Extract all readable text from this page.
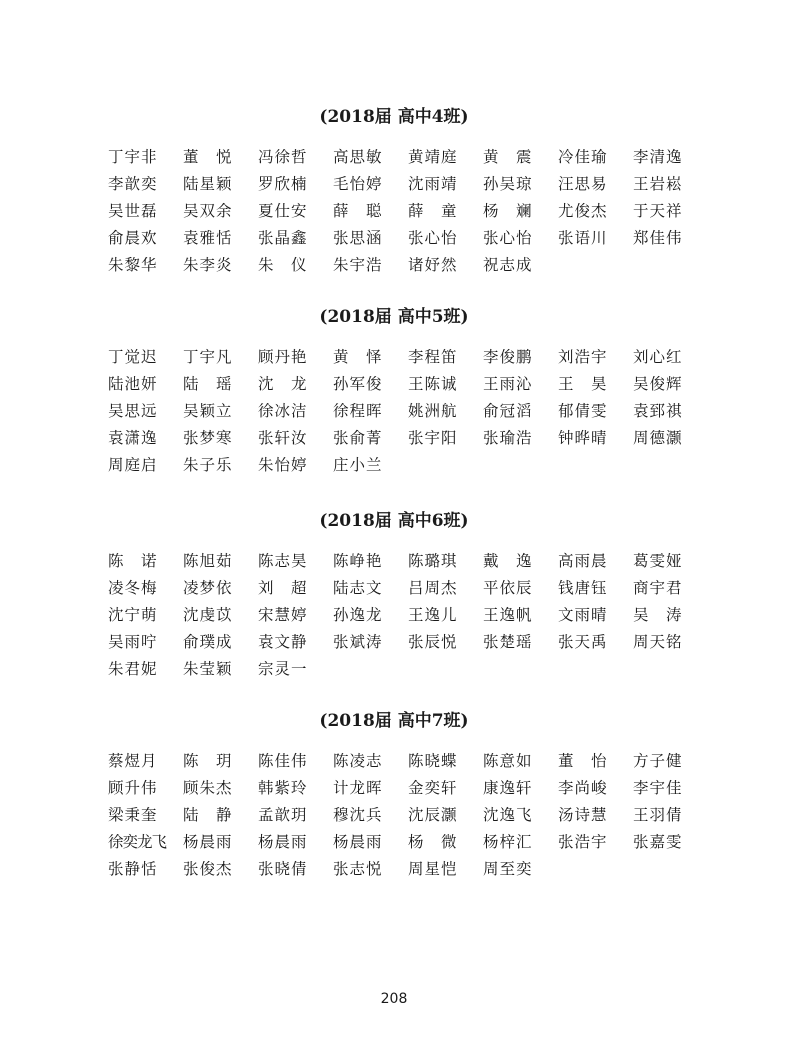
(2018届 高中4班)
丁宇非 董　悦 冯徐哲 高思敏 黄靖庭 黄　震 冷佳瑜 李清逸
李歆奕 陆星颖 罗欣楠 毛怡婷 沈雨靖 孙吴琼 汪思易 王岩崧
吴世磊 吴双余 夏仕安 薛　聪 薛　童 杨　斓 尤俊杰 于天祥
俞晨欢 袁雅恬 张晶鑫 张思涵 张心怡 张心怡 张语川 郑佳伟
朱黎华 朱李炎 朱　仪 朱宇浩 诸妤然 祝志成
(2018届 高中5班)
丁觉迟 丁宇凡 顾丹艳 黄　怿 李程笛 李俊鹏 刘浩宇 刘心红
陆池妍 陆　瑶 沈　龙 孙军俊 王陈诚 王雨沁 王　昊 吴俊辉
吴思远 吴颖立 徐冰洁 徐程晖 姚洲航 俞冠滔 郁倩雯 袁郅祺
袁潇逸 张梦寒 张轩汝 张俞菁 张宇阳 张瑜浩 钟晔晴 周德灏
周庭启 朱子乐 朱怡婷 庄小兰
(2018届 高中6班)
陈　诺 陈旭茹 陈志昊 陈峥艳 陈璐琪 戴　逸 高雨晨 葛雯娅
凌冬梅 凌梦依 刘　超 陆志文 吕周杰 平依辰 钱唐钰 商宇君
沈宁萌 沈虔苡 宋慧婷 孙逸龙 王逸儿 王逸帆 文雨晴 吴　涛
吴雨咛 俞璞成 袁文静 张斌涛 张辰悦 张楚瑶 张天禹 周天铭
朱君妮 朱莹颖 宗灵一
(2018届 高中7班)
蔡煜月 陈　玥 陈佳伟 陈凌志 陈晓蝶 陈意如 董　怡 方子健
顾升伟 顾朱杰 韩紫玲 计龙晖 金奕轩 康逸轩 李尚峻 李宇佳
梁秉奎 陆　静 孟歆玥 穆沈兵 沈辰灏 沈逸飞 汤诗慧 王羽倩
徐奕龙飞 杨晨雨 杨晨雨 杨晨雨 杨　微 杨梓汇 张浩宇 张嘉雯
张静恬 张俊杰 张晓倩 张志悦 周星恺 周至奕
208
